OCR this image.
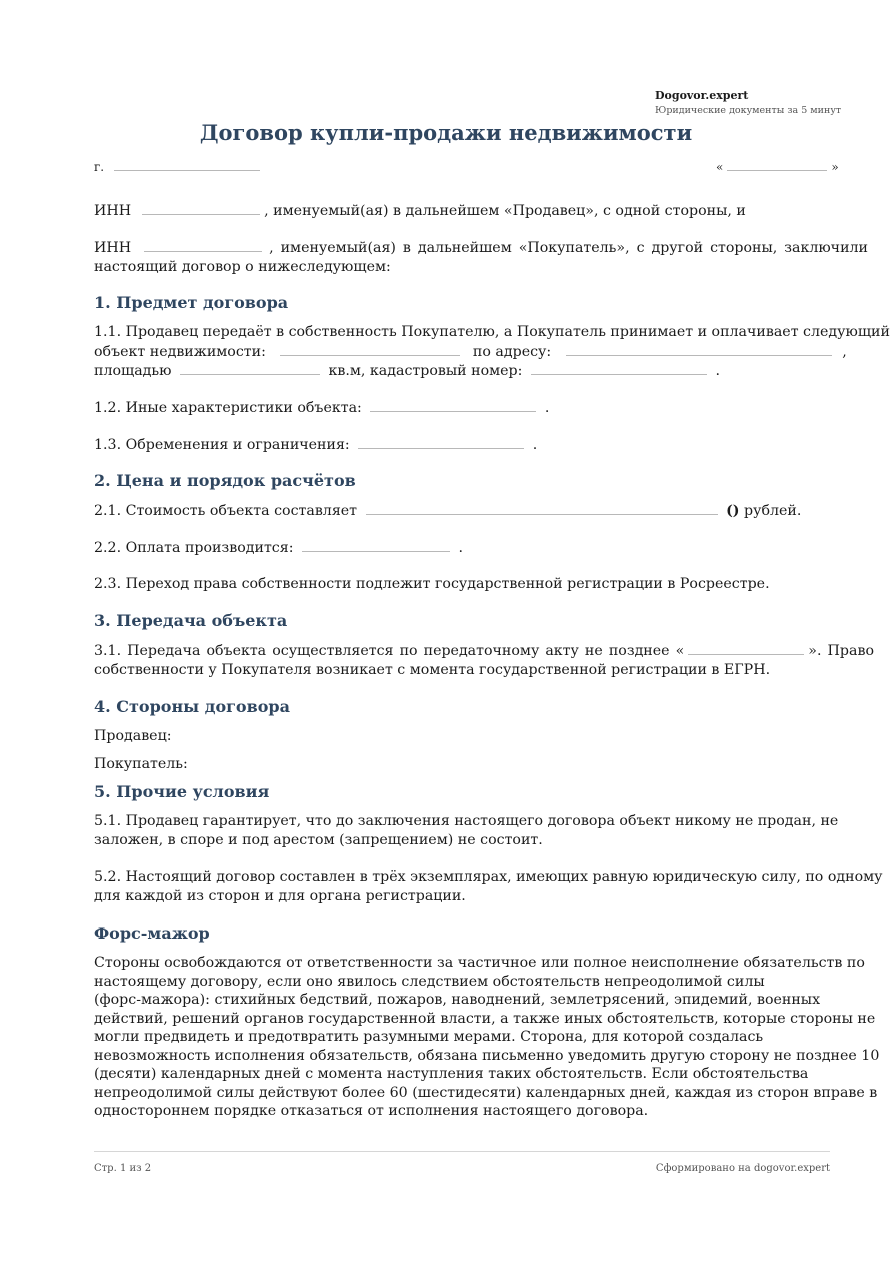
Dogovor.expert
Юридические документы за 5 минут
Договор купли-продажи недвижимости
г.	«	»
ИНН	, именуемый(ая) в дальнейшем «Продавец», с одной стороны, и
ИНН	, именуемый(ая) в дальнейшем «Покупатель», с другой стороны, заключили
настоящий договор о нижеследующем:
1. Предмет договора
1.1. Продавец передаёт в собственность Покупателю, а Покупатель принимает и оплачивает следующий
объект недвижимости:	по адресу:	,
площадью	кв.м, кадастровый номер:	.
1.2. Иные характеристики объекта:	.
1.3. Обременения и ограничения:	.
2. Цена и порядок расчётов
2.1. Стоимость объекта составляет	() рублей.
2.2. Оплата производится:	.
2.3. Переход права собственности подлежит государственной регистрации в Росреестре.
3. Передача объекта
3.1. Передача объекта осуществляется по передаточному акту не позднее «	». Право
собственности у Покупателя возникает с момента государственной регистрации в ЕГРН.
4. Стороны договора
Продавец:
Покупатель:
5. Прочие условия
5.1. Продавец гарантирует, что до заключения настоящего договора объект никому не продан, не
заложен, в споре и под арестом (запрещением) не состоит.
5.2. Настоящий договор составлен в трёх экземплярах, имеющих равную юридическую силу, по одному
для каждой из сторон и для органа регистрации.
Форс-мажор
Стороны освобождаются от ответственности за частичное или полное неисполнение обязательств по
настоящему договору, если оно явилось следствием обстоятельств непреодолимой силы
(форс-мажора): стихийных бедствий, пожаров, наводнений, землетрясений, эпидемий, военных
действий, решений органов государственной власти, а также иных обстоятельств, которые стороны не
могли предвидеть и предотвратить разумными мерами. Сторона, для которой создалась
невозможность исполнения обязательств, обязана письменно уведомить другую сторону не позднее 10
(десяти) календарных дней с момента наступления таких обстоятельств. Если обстоятельства
непреодолимой силы действуют более 60 (шестидесяти) календарных дней, каждая из сторон вправе в
одностороннем порядке отказаться от исполнения настоящего договора.
Стр. 1 из 2	Сформировано на dogovor.expert
